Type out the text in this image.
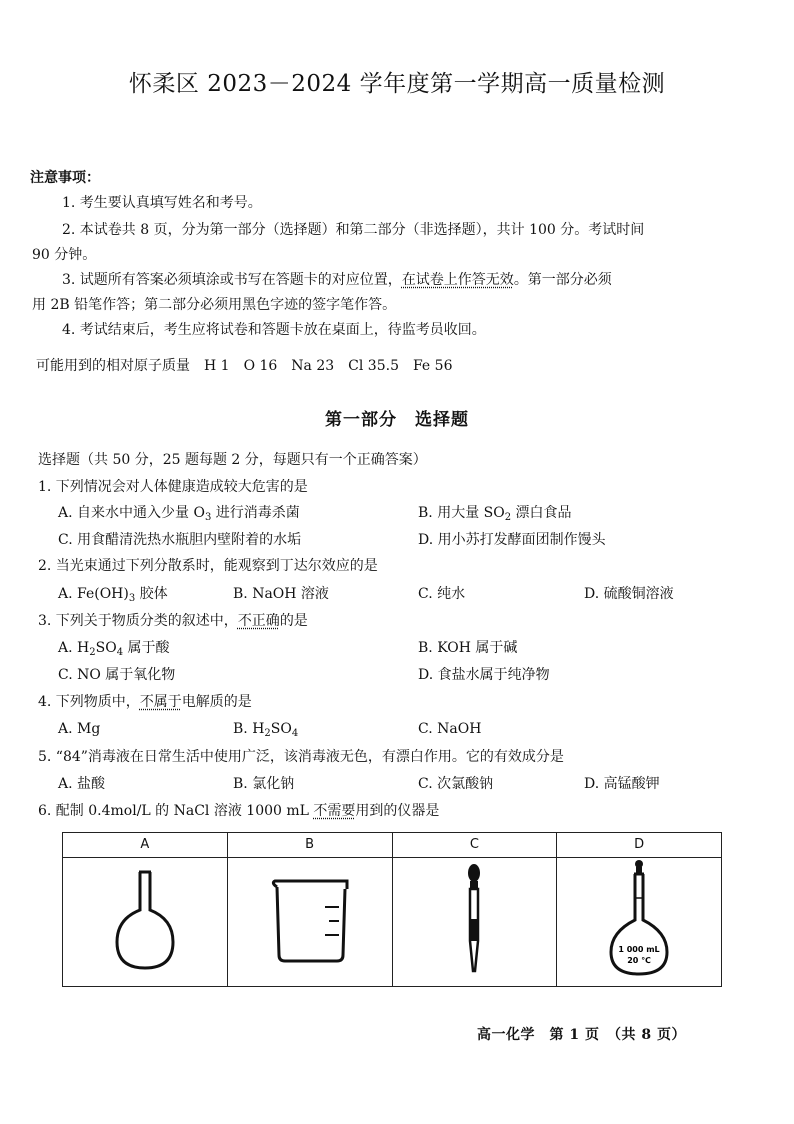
怀柔区 2023－2024 学年度第一学期高一质量检测
注意事项：
1. 考生要认真填写姓名和考号。
2. 本试卷共 8 页，分为第一部分（选择题）和第二部分（非选择题），共计 100 分。考试时间
90 分钟。
3. 试题所有答案必须填涂或书写在答题卡的对应位置，在试卷上作答无效。第一部分必须
用 2B 铅笔作答；第二部分必须用黑色字迹的签字笔作答。
4. 考试结束后，考生应将试卷和答题卡放在桌面上，待监考员收回。
可能用到的相对原子质量　H 1　O 16　Na 23　Cl 35.5　Fe 56
第一部分　选择题
选择题（共 50 分，25 题每题 2 分，每题只有一个正确答案）
1. 下列情况会对人体健康造成较大危害的是
A. 自来水中通入少量 $O_3$ 进行消毒杀菌	B. 用大量 $SO_2$ 漂白食品
C. 用食醋清洗热水瓶胆内壁附着的水垢	D. 用小苏打发酵面团制作馒头
2. 当光束通过下列分散系时，能观察到丁达尔效应的是
A. $Fe(OH)_3$ 胶体	B. NaOH 溶液	C. 纯水	D. 硫酸铜溶液
3. 下列关于物质分类的叙述中，不正确的是
A. $H_2SO_4$ 属于酸	B. KOH 属于碱
C. NO 属于氧化物	D. 食盐水属于纯净物
4. 下列物质中，不属于电解质的是
A. Mg	B. $H_2SO_4$	C. NaOH
5. “84”消毒液在日常生活中使用广泛，该消毒液无色，有漂白作用。它的有效成分是
A. 盐酸	B. 氯化钠	C. 次氯酸钠	D. 高锰酸钾
6. 配制 0.4mol/L 的 NaCl 溶液 1000 mL 不需要用到的仪器是
A	B	C	D

1 000 mL
20 ℃
高一化学　第 1 页　（共 8 页）
